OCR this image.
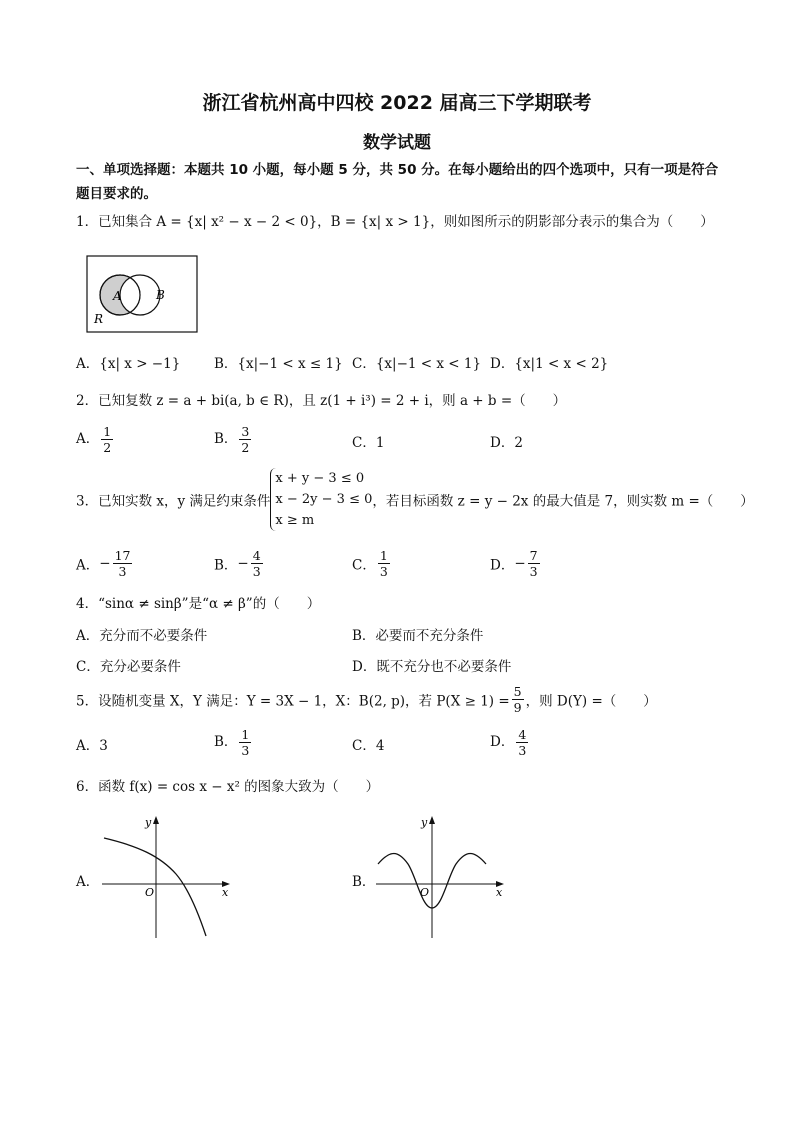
浙江省杭州高中四校 2022 届高三下学期联考
数学试题
一、单项选择题：本题共 10 小题，每小题 5 分，共 50 分。在每小题给出的四个选项中，只有一项是符合题目要求的。
1．已知集合 A = {x| x² − x − 2 < 0}，B = {x| x > 1}，则如图所示的阴影部分表示的集合为（　　）
A	B
R
A．{x| x > −1} B．{x|−1 < x ≤ 1} C．{x|−1 < x < 1} D．{x|1 < x < 2}
2．已知复数 z = a + bi(a, b ∈ R)，且 z(1 + i³) = 2 + i，则 a + b =（　　）
A． $\frac{1}{2}$	B． $\frac{3}{2}$	C．1	D．2
3．已知实数 x，y 满足约束条件
x + y − 3 ≤ 0
x − 2y − 3 ≤ 0
x ≥ m
，若目标函数 z = y − 2x 的最大值是 7，则实数 m =（　　）
A．− $\frac{17}{3}$	B．− $\frac{4}{3}$	C． $\frac{1}{3}$	D．− $\frac{7}{3}$
4．“sinα ≠ sinβ”是“α ≠ β”的（　　）
A．充分而不必要条件	B．必要而不充分条件
C．充分必要条件	D．既不充分也不必要条件
5．设随机变量 X，Y 满足：Y = 3X − 1，X：B(2, p)，若 $P(X \ge 1) = \frac{5}{9}$ ，则 D(Y) =（　　）
A．3	B． $\frac{1}{3}$	C．4	D． $\frac{4}{3}$
6．函数 f(x) = cos x − x² 的图象大致为（　　）
A．
x
y
O
B．
x
y
O
